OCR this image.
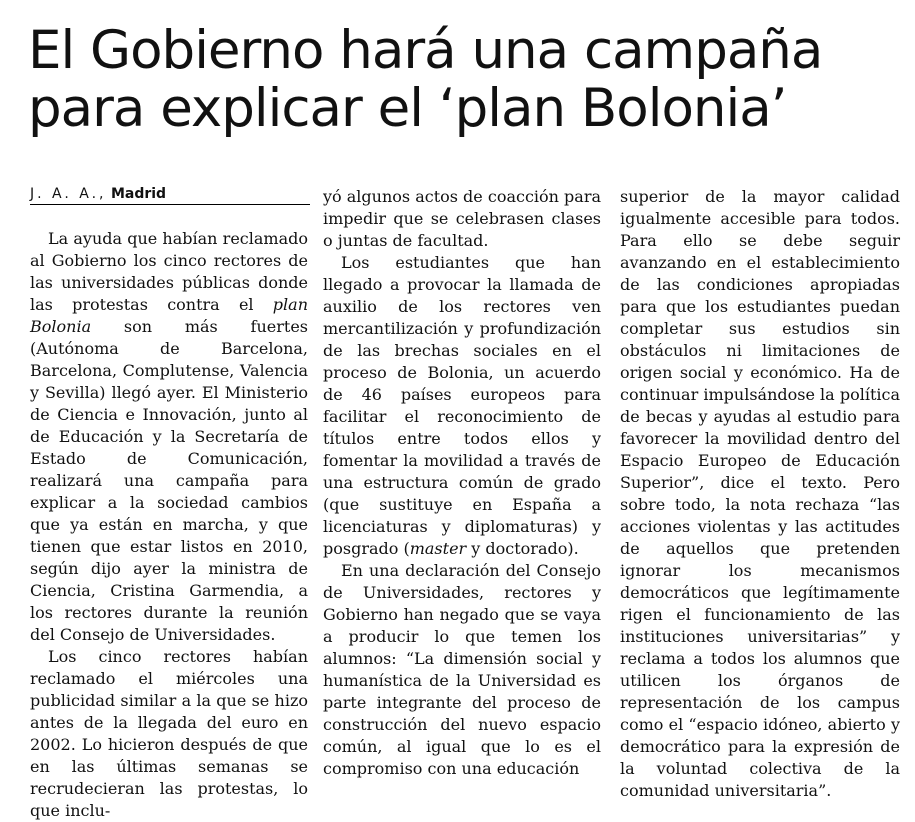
El Gobierno hará una campaña para explicar el ‘plan Bolonia’
J. A. A., Madrid

La ayuda que habían reclamado al Gobierno los cinco rectores de las universidades públicas donde las protestas contra el plan Bolonia son más fuertes (Autónoma de Barcelona, Barcelona, Complutense, Valencia y Sevilla) llegó ayer. El Ministerio de Ciencia e Innovación, junto al de Educación y la Secretaría de Estado de Comunicación, realizará una campaña para explicar a la sociedad cambios que ya están en marcha, y que tienen que estar listos en 2010, según dijo ayer la ministra de Ciencia, Cristina Garmendia, a los rectores durante la reunión del Consejo de Universidades.

Los cinco rectores habían reclamado el miércoles una publicidad similar a la que se hizo antes de la llegada del euro en 2002. Lo hicieron después de que en las últimas semanas se recrudecieran las protestas, lo que inclu-

yó algunos actos de coacción para impedir que se celebrasen clases o juntas de facultad.

Los estudiantes que han llegado a provocar la llamada de auxilio de los rectores ven mercantilización y profundización de las brechas sociales en el proceso de Bolonia, un acuerdo de 46 países europeos para facilitar el reconocimiento de títulos entre todos ellos y fomentar la movilidad a través de una estructura común de grado (que sustituye en España a licenciaturas y diplomaturas) y posgrado (master y doctorado).

En una declaración del Consejo de Universidades, rectores y Gobierno han negado que se vaya a producir lo que temen los alumnos: “La dimensión social y humanística de la Universidad es parte integrante del proceso de construcción del nuevo espacio común, al igual que lo es el compromiso con una educación

superior de la mayor calidad igualmente accesible para todos. Para ello se debe seguir avanzando en el establecimiento de las condiciones apropiadas para que los estudiantes puedan completar sus estudios sin obstáculos ni limitaciones de origen social y económico. Ha de continuar impulsándose la política de becas y ayudas al estudio para favorecer la movilidad dentro del Espacio Europeo de Educación Superior”, dice el texto. Pero sobre todo, la nota rechaza “las acciones violentas y las actitudes de aquellos que pretenden ignorar los mecanismos democráticos que legítimamente rigen el funcionamiento de las instituciones universitarias” y reclama a todos los alumnos que utilicen los órganos de representación de los campus como el “espacio idóneo, abierto y democrático para la expresión de la voluntad colectiva de la comunidad universitaria”.
